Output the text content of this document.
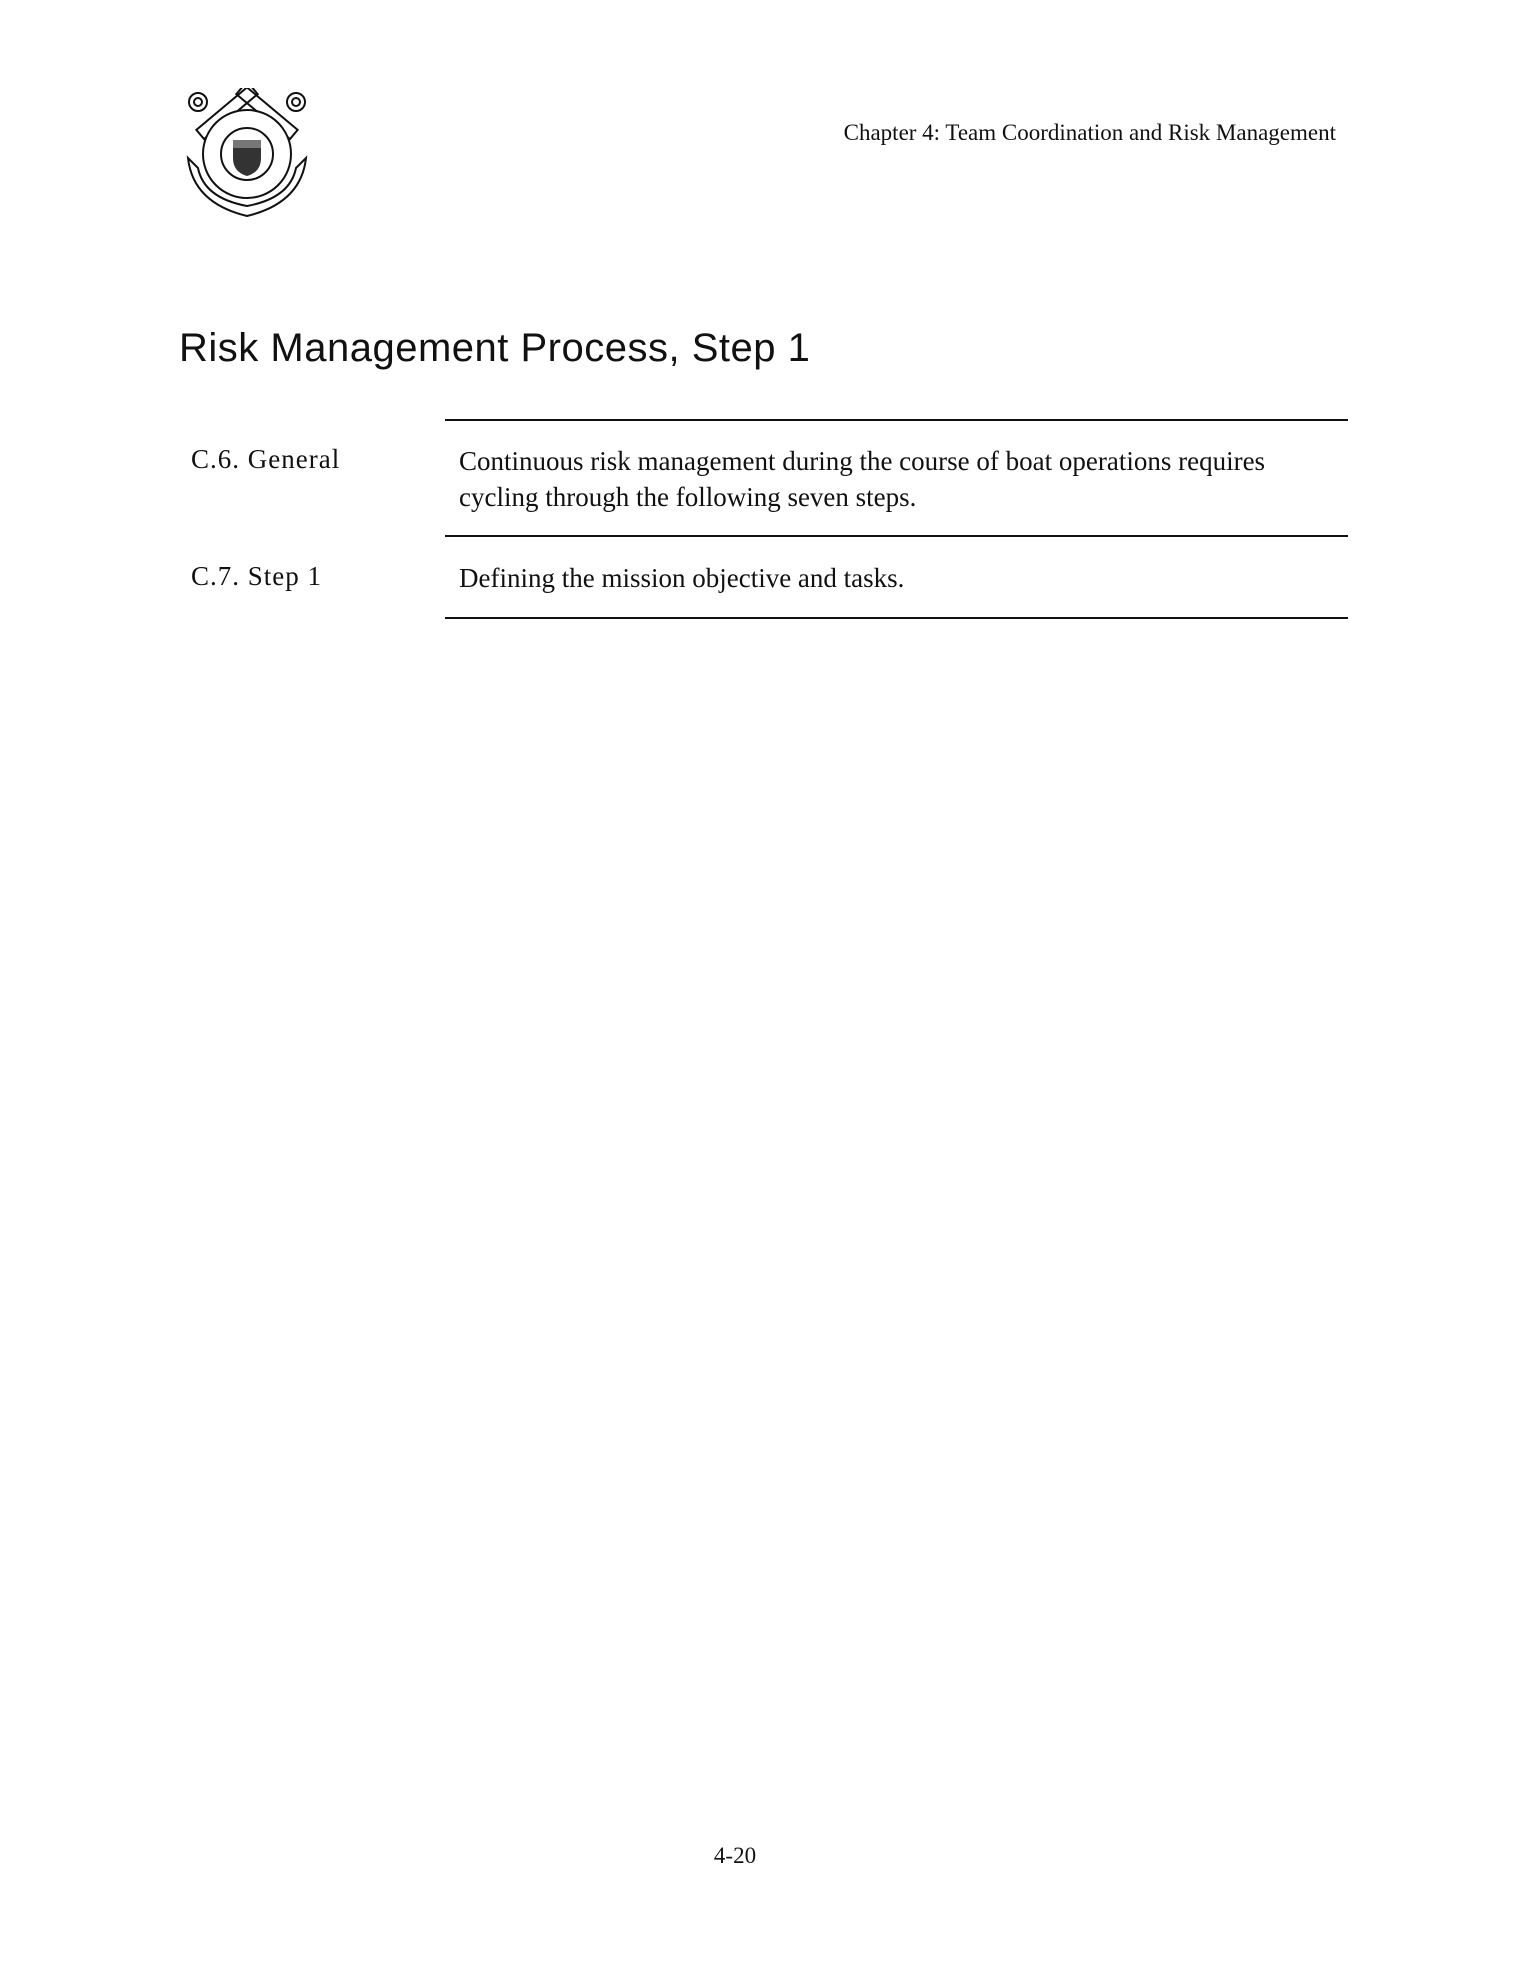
Chapter 4: Team Coordination and Risk Management
Risk Management Process, Step 1
C.6. General	Continuous risk management during the course of boat operations requires cycling through the following seven steps.
C.7. Step 1	Defining the mission objective and tasks.
4-20
